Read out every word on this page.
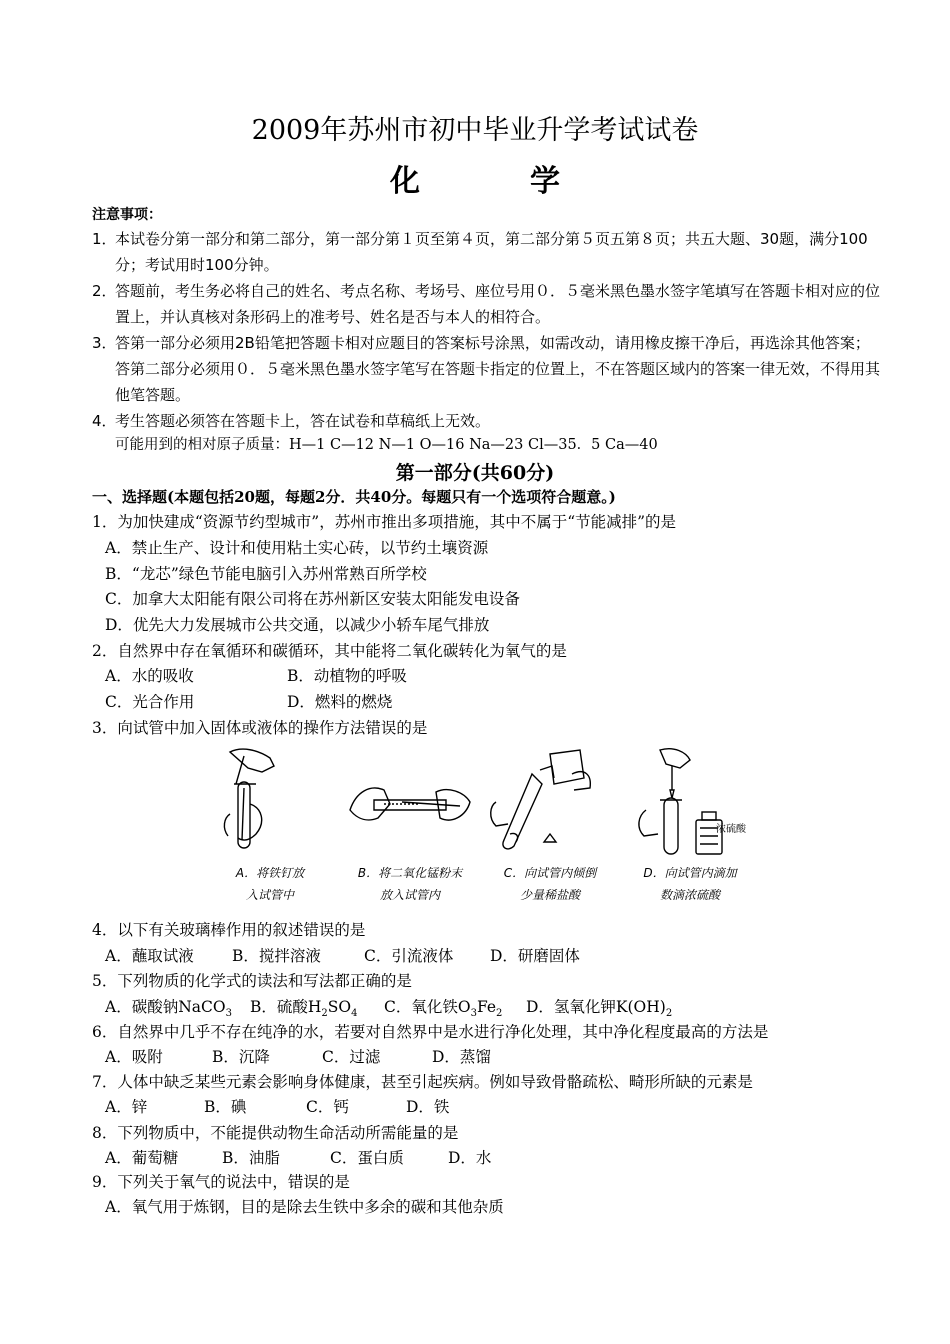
2009年苏州市初中毕业升学考试试卷
化　学
注意事项：
1．
本试卷分第一部分和第二部分，第一部分第１页至第４页，第二部分第５页五第８页；共五大题、30题，满分100分；考试用时100分钟。
2．
答题前，考生务必将自己的姓名、考点名称、考场号、座位号用０．５毫米黑色墨水签字笔填写在答题卡相对应的位置上，并认真核对条形码上的准考号、姓名是否与本人的相符合。
3．
答第一部分必须用2B铅笔把答题卡相对应题目的答案标号涂黑，如需改动，请用橡皮擦干净后，再选涂其他答案；答第二部分必须用０．５毫米黑色墨水签字笔写在答题卡指定的位置上，不在答题区域内的答案一律无效，不得用其他笔答题。
4．
考生答题必须答在答题卡上，答在试卷和草稿纸上无效。
可能用到的相对原子质量：H—1 C—12 N—1 O—16 Na—23 Cl—35．5 Ca—40
第一部分(共60分)
一、选择题(本题包括20题，每题2分．共40分。每题只有一个选项符合题意。)
1．为加快建成“资源节约型城市”，苏州市推出多项措施，其中不属于“节能减排”的是
A．禁止生产、设计和使用粘土实心砖，以节约土壤资源
B．“龙芯”绿色节能电脑引入苏州常熟百所学校
C．加拿大太阳能有限公司将在苏州新区安装太阳能发电设备
D．优先大力发展城市公共交通，以减少小轿车尾气排放
2．自然界中存在氧循环和碳循环，其中能将二氧化碳转化为氧气的是
A．水的吸收	B．动植物的呼吸
C．光合作用	D．燃料的燃烧
3．向试管中加入固体或液体的操作方法错误的是
A．将铁钉放
入试管中
B．将二氧化锰粉末
放入试管内
C．向试管内倾倒
少量稀盐酸
浓硫酸
D．向试管内滴加
数滴浓硫酸
4．以下有关玻璃棒作用的叙述错误的是
A．蘸取试液 B．搅拌溶液	C．引流液体 D．研磨固体
5．下列物质的化学式的读法和写法都正确的是
A．碳酸钠NaCO$_3$ B．硫酸$H_2SO_4$ C．氧化铁$O_3Fe_2$ D．氢氧化钾$K(OH)_2$
6．自然界中几乎不存在纯净的水，若要对自然界中是水进行净化处理，其中净化程度最高的方法是
A．吸附	B．沉降	C．过滤	D．蒸馏
7．人体中缺乏某些元素会影响身体健康，甚至引起疾病。例如导致骨骼疏松、畸形所缺的元素是
A．锌	B．碘	C．钙	D．铁
8．下列物质中，不能提供动物生命活动所需能量的是
A．葡萄糖	B．油脂	C．蛋白质	D．水
9．下列关于氧气的说法中，错误的是
A．氧气用于炼钢，目的是除去生铁中多余的碳和其他杂质
